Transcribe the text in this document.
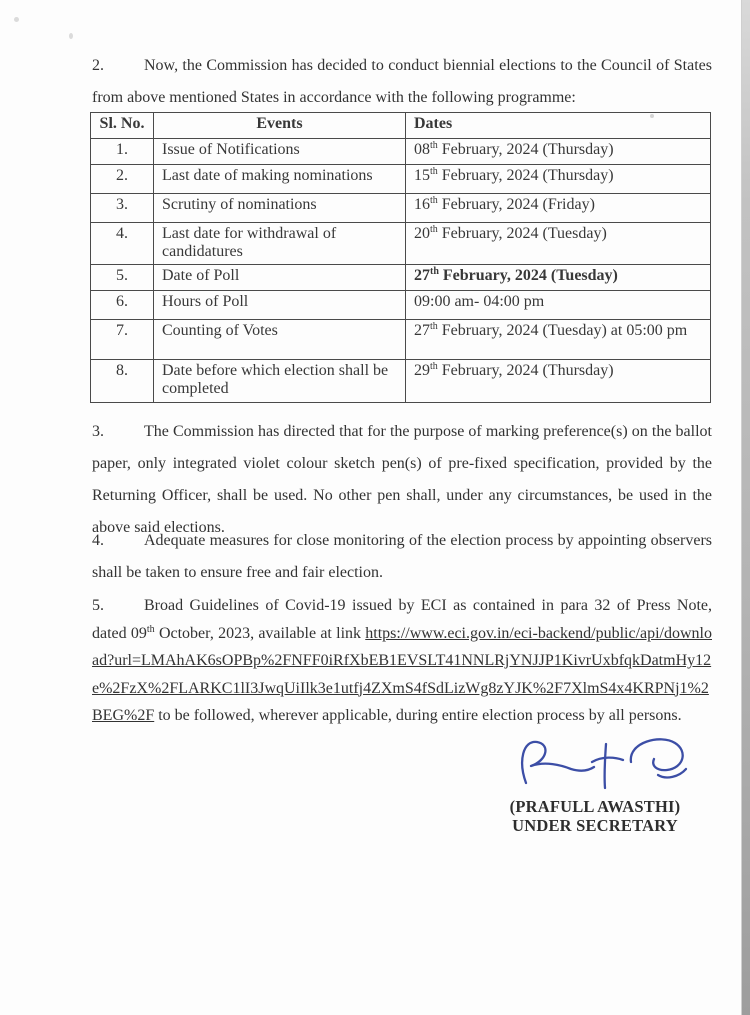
2.	Now, the Commission has decided to conduct biennial elections to the Council of States from above mentioned States in accordance with the following programme:
Sl. No.	Events	Dates
1.	Issue of Notifications	08th February, 2024 (Thursday)
2.	Last date of making nominations	15th February, 2024 (Thursday)
3.	Scrutiny of nominations	16th February, 2024 (Friday)
4.	Last date for withdrawal of candidatures	20th February, 2024 (Tuesday)
5.	Date of Poll	27th February, 2024 (Tuesday)
6.	Hours of Poll	09:00 am- 04:00 pm
7.	Counting of Votes	27th February, 2024 (Tuesday) at 05:00 pm
8.	Date before which election shall be completed	29th February, 2024 (Thursday)
3.	The Commission has directed that for the purpose of marking preference(s) on the ballot paper, only integrated violet colour sketch pen(s) of pre-fixed specification, provided by the Returning Officer, shall be used. No other pen shall, under any circumstances, be used in the above said elections.
4.	Adequate measures for close monitoring of the election process by appointing observers shall be taken to ensure free and fair election.
5.	Broad Guidelines of Covid-19 issued by ECI as contained in para 32 of Press Note, dated 09th October, 2023, available at link https://www.eci.gov.in/eci-backend/public/api/download?url=LMAhAK6sOPBp%2FNFF0iRfXbEB1EVSLT41NNLRjYNJJP1KivrUxbfqkDatmHy12e%2FzX%2FLARKC1lI3JwqUiIlk3e1utfj4ZXmS4fSdLizWg8zYJK%2F7XlmS4x4KRPNj1%2BEG%2F to be followed, wherever applicable, during entire election process by all persons.
(PRAFULL AWASTHI)
UNDER SECRETARY
